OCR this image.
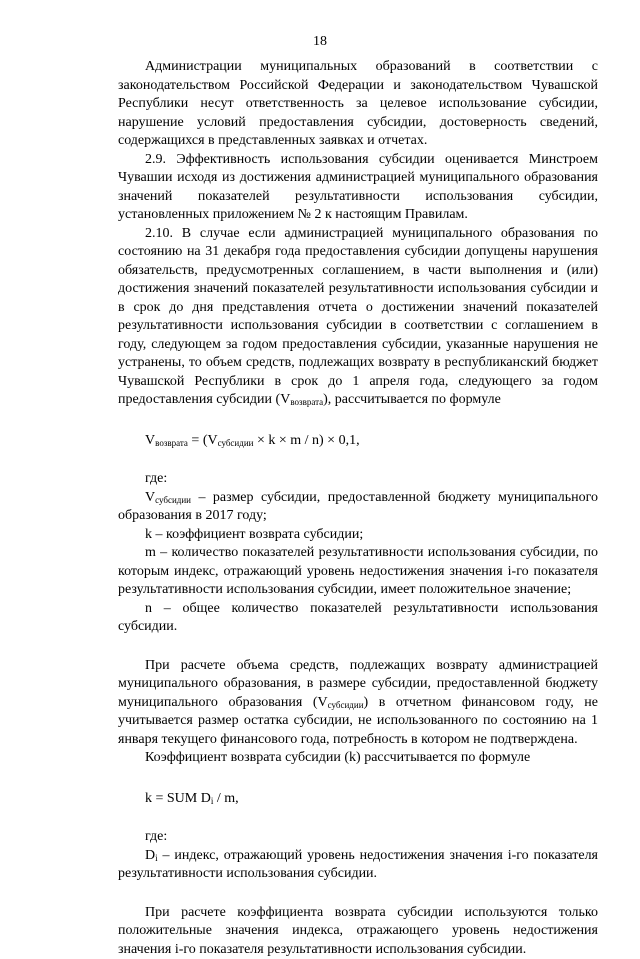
18

Администрации муниципальных образований в соответствии с законодательством Российской Федерации и законодательством Чувашской Республики несут ответственность за целевое использование субсидии, нарушение условий предоставления субсидии, достоверность сведений, содержащихся в представленных заявках и отчетах.

2.9. Эффективность использования субсидии оценивается Минстроем Чувашии исходя из достижения администрацией муниципального образования значений показателей результативности использования субсидии, установленных приложением № 2 к настоящим Правилам.

2.10. В случае если администрацией муниципального образования по состоянию на 31 декабря года предоставления субсидии допущены нарушения обязательств, предусмотренных соглашением, в части выполнения и (или) достижения значений показателей результативности использования субсидии и в срок до дня представления отчета о достижении значений показателей результативности использования субсидии в соответствии с соглашением в году, следующем за годом предоставления субсидии, указанные нарушения не устранены, то объем средств, подлежащих возврату в республиканский бюджет Чувашской Республики в срок до 1 апреля года, следующего за годом предоставления субсидии $(V_{возврата})$, рассчитывается по формуле

$V_{возврата} = (V_{субсидии} \times k \times m / n) \times 0,1$,

где:

$V_{субсидии}$ – размер субсидии, предоставленной бюджету муниципального образования в 2017 году;

k – коэффициент возврата субсидии;

m – количество показателей результативности использования субсидии, по которым индекс, отражающий уровень недостижения значения i-го показателя результативности использования субсидии, имеет положительное значение;

n – общее количество показателей результативности использования субсидии.

При расчете объема средств, подлежащих возврату администрацией муниципального образования, в размере субсидии, предоставленной бюджету муниципального образования $(V_{субсидии})$ в отчетном финансовом году, не учитывается размер остатка субсидии, не использованного по состоянию на 1 января текущего финансового года, потребность в котором не подтверждена.

Коэффициент возврата субсидии (k) рассчитывается по формуле

k = SUM $D_i$ / m,

где:

$D_i$ – индекс, отражающий уровень недостижения значения i-го показателя результативности использования субсидии.

При расчете коэффициента возврата субсидии используются только положительные значения индекса, отражающего уровень недостижения значения i-го показателя результативности использования субсидии.
